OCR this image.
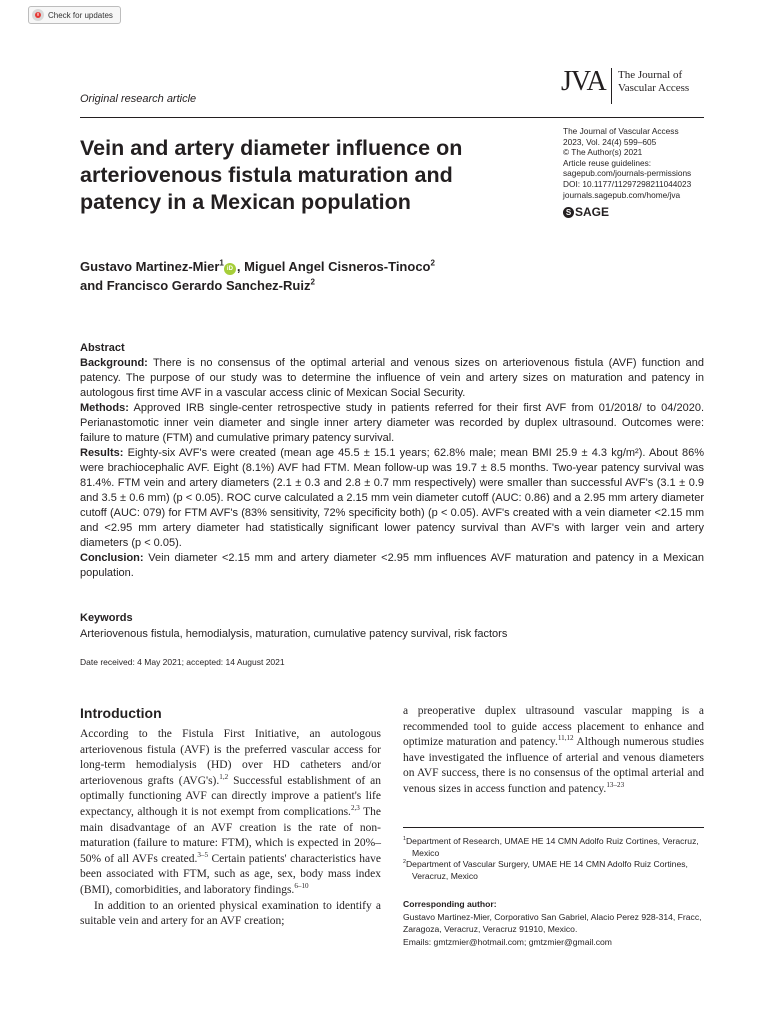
Check for updates
Original research article
JVA The Journal of
Vascular Access
The Journal of Vascular Access
2023, Vol. 24(4) 599–605
© The Author(s) 2021
Article reuse guidelines:
sagepub.com/journals-permissions
DOI: 10.1177/11297298211044023
journals.sagepub.com/home/jva
S SAGE
Vein and artery diameter influence on arteriovenous fistula maturation and patency in a Mexican population
Gustavo Martinez-Mier$^1$iD , Miguel Angel Cisneros-Tinoco$^2$
and Francisco Gerardo Sanchez-Ruiz$^2$

Abstract

Background: There is no consensus of the optimal arterial and venous sizes on arteriovenous fistula (AVF) function and patency. The purpose of our study was to determine the influence of vein and artery sizes on maturation and patency in autologous first time AVF in a vascular access clinic of Mexican Social Security.

Methods: Approved IRB single-center retrospective study in patients referred for their first AVF from 01/2018/ to 04/2020. Perianastomotic inner vein diameter and single inner artery diameter was recorded by duplex ultrasound. Outcomes were: failure to mature (FTM) and cumulative primary patency survival.

Results: Eighty-six AVF's were created (mean age 45.5 ± 15.1 years; 62.8% male; mean BMI 25.9 ± 4.3 kg/m²). About 86% were brachiocephalic AVF. Eight (8.1%) AVF had FTM. Mean follow-up was 19.7 ± 8.5 months. Two-year patency survival was 81.4%. FTM vein and artery diameters (2.1 ± 0.3 and 2.8 ± 0.7 mm respectively) were smaller than successful AVF's (3.1 ± 0.9 and 3.5 ± 0.6 mm) (p < 0.05). ROC curve calculated a 2.15 mm vein diameter cutoff (AUC: 0.86) and a 2.95 mm artery diameter cutoff (AUC: 079) for FTM AVF's (83% sensitivity, 72% specificity both) (p < 0.05). AVF's created with a vein diameter <2.15 mm and <2.95 mm artery diameter had statistically significant lower patency survival than AVF's with larger vein and artery diameters (p < 0.05).

Conclusion: Vein diameter <2.15 mm and artery diameter <2.95 mm influences AVF maturation and patency in a Mexican population.

Keywords
Arteriovenous fistula, hemodialysis, maturation, cumulative patency survival, risk factors
Date received: 4 May 2021; accepted: 14 August 2021
Introduction

According to the Fistula First Initiative, an autologous arteriovenous fistula (AVF) is the preferred vascular access for long-term hemodialysis (HD) over HD catheters and/or arteriovenous grafts (AVG's).$^{1,2}$ Successful establishment of an optimally functioning AVF can directly improve a patient's life expectancy, although it is not exempt from complications.$^{2,3}$ The main disadvantage of an AVF creation is the rate of non-maturation (failure to mature: FTM), which is expected in 20%–50% of all AVFs created.$^{3-5}$ Certain patients' characteristics have been associated with FTM, such as age, sex, body mass index (BMI), comorbidities, and laboratory findings.$^{6-10}$

In addition to an oriented physical examination to identify a suitable vein and artery for an AVF creation;

a preoperative duplex ultrasound vascular mapping is a recommended tool to guide access placement to enhance and optimize maturation and patency.$^{11,12}$ Although numerous studies have investigated the influence of arterial and venous diameters on AVF success, there is no consensus of the optimal arterial and venous sizes in access function and patency.$^{13-23}$

$^1$Department of Research, UMAE HE 14 CMN Adolfo Ruiz Cortines, Veracruz, Mexico
$^2$Department of Vascular Surgery, UMAE HE 14 CMN Adolfo Ruiz Cortines, Veracruz, Mexico
Corresponding author:
Gustavo Martinez-Mier, Corporativo San Gabriel, Alacio Perez 928-314, Fracc, Zaragoza, Veracruz, Veracruz 91910, Mexico.
Emails: gmtzmier@hotmail.com; gmtzmier@gmail.com
